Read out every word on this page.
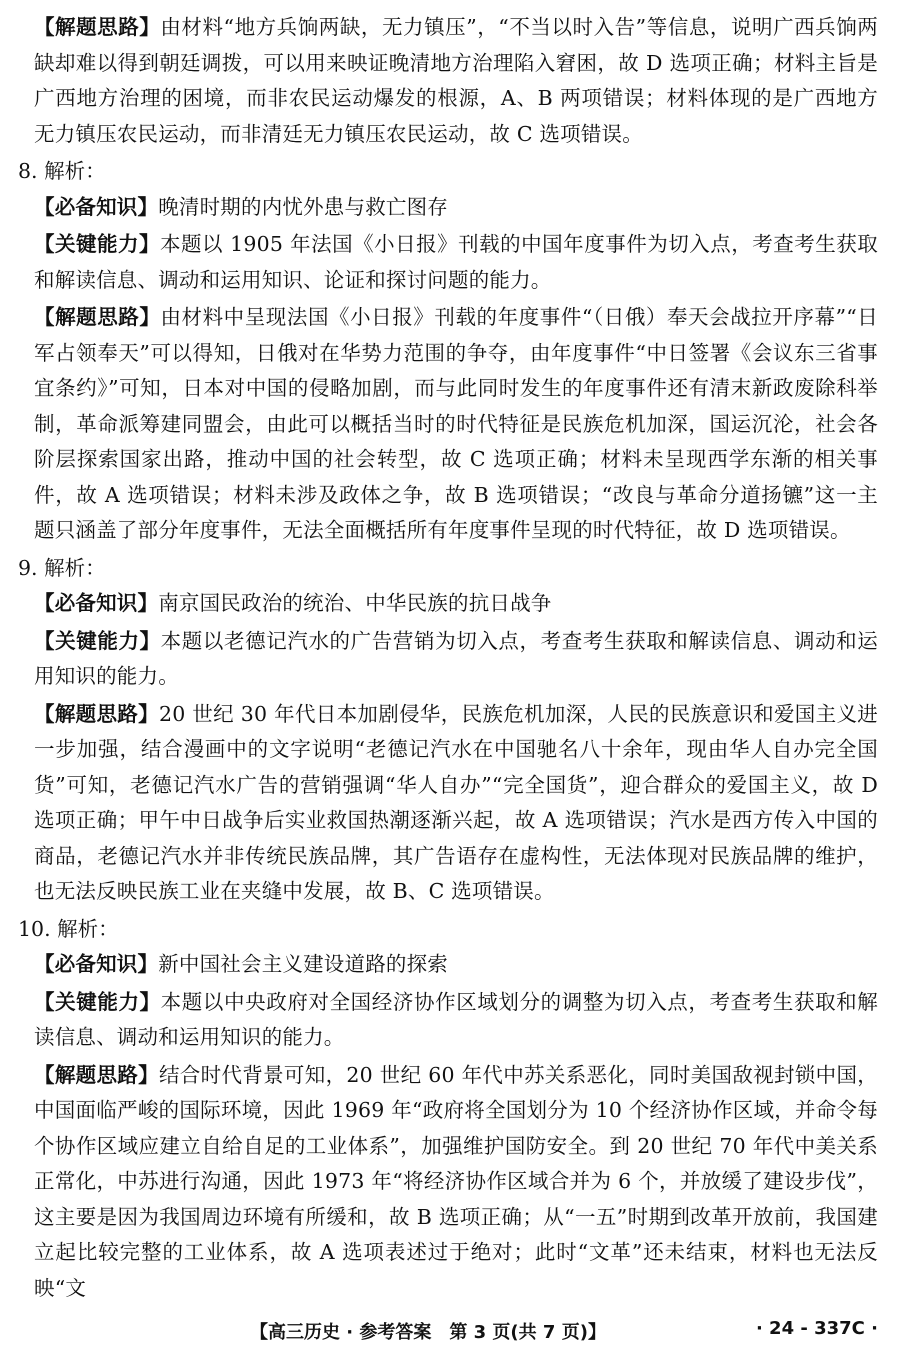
【解题思路】由材料“地方兵饷两缺，无力镇压”，“不当以时入告”等信息，说明广西兵饷两缺却难以得到朝廷调拨，可以用来映证晚清地方治理陷入窘困，故 D 选项正确；材料主旨是广西地方治理的困境，而非农民运动爆发的根源，A、B 两项错误；材料体现的是广西地方无力镇压农民运动，而非清廷无力镇压农民运动，故 C 选项错误。

8. 解析：

【必备知识】晚清时期的内忧外患与救亡图存

【关键能力】本题以 1905 年法国《小日报》刊载的中国年度事件为切入点，考查考生获取和解读信息、调动和运用知识、论证和探讨问题的能力。

【解题思路】由材料中呈现法国《小日报》刊载的年度事件“（日俄）奉天会战拉开序幕”“日军占领奉天”可以得知，日俄对在华势力范围的争夺，由年度事件“中日签署《会议东三省事宜条约》”可知，日本对中国的侵略加剧，而与此同时发生的年度事件还有清末新政废除科举制，革命派筹建同盟会，由此可以概括当时的时代特征是民族危机加深，国运沉沦，社会各阶层探索国家出路，推动中国的社会转型，故 C 选项正确；材料未呈现西学东渐的相关事件，故 A 选项错误；材料未涉及政体之争，故 B 选项错误；“改良与革命分道扬镳”这一主题只涵盖了部分年度事件，无法全面概括所有年度事件呈现的时代特征，故 D 选项错误。

9. 解析：

【必备知识】南京国民政治的统治、中华民族的抗日战争

【关键能力】本题以老德记汽水的广告营销为切入点，考查考生获取和解读信息、调动和运用知识的能力。

【解题思路】20 世纪 30 年代日本加剧侵华，民族危机加深，人民的民族意识和爱国主义进一步加强，结合漫画中的文字说明“老德记汽水在中国驰名八十余年，现由华人自办完全国货”可知，老德记汽水广告的营销强调“华人自办”“完全国货”，迎合群众的爱国主义，故 D 选项正确；甲午中日战争后实业救国热潮逐渐兴起，故 A 选项错误；汽水是西方传入中国的商品，老德记汽水并非传统民族品牌，其广告语存在虚构性，无法体现对民族品牌的维护，也无法反映民族工业在夹缝中发展，故 B、C 选项错误。

10. 解析：

【必备知识】新中国社会主义建设道路的探索

【关键能力】本题以中央政府对全国经济协作区域划分的调整为切入点，考查考生获取和解读信息、调动和运用知识的能力。

【解题思路】结合时代背景可知，20 世纪 60 年代中苏关系恶化，同时美国敌视封锁中国，中国面临严峻的国际环境，因此 1969 年“政府将全国划分为 10 个经济协作区域，并命令每个协作区域应建立自给自足的工业体系”，加强维护国防安全。到 20 世纪 70 年代中美关系正常化，中苏进行沟通，因此 1973 年“将经济协作区域合并为 6 个，并放缓了建设步伐”，这主要是因为我国周边环境有所缓和，故 B 选项正确；从“一五”时期到改革开放前，我国建立起比较完整的工业体系，故 A 选项表述过于绝对；此时“文革”还未结束，材料也无法反映“文

【高三历史 · 参考答案　第 3 页(共 7 页)】	· 24 - 337C ·
